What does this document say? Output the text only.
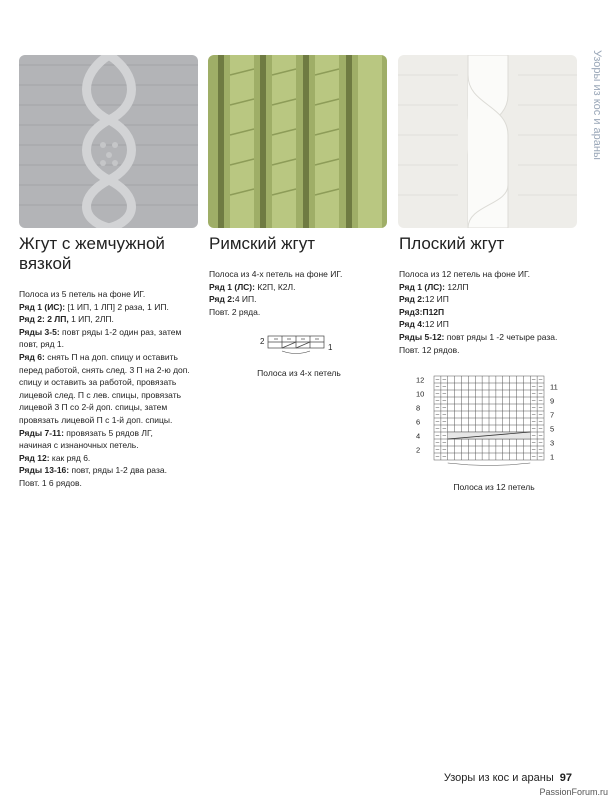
Узоры из кос и араны
Жгут с жемчужной вязкой

Полоса из 5 петель на фоне ИГ.

Ряд 1 (ИС): [1 ИП, 1 ЛП] 2 раза, 1 ИП.

Ряд 2: 2 ЛП, 1 ИП, 2ЛП.

Ряды 3-5: повт ряды 1-2 один раз, затем

повт, ряд 1.

Ряд 6: снять П на доп. спицу и оставить

перед работой, снять след. 3 П на 2-ю доп.

спицу и оставить за работой, провязать

лицевой след. П с лев. спицы, провязать

лицевой 3 П со 2-й доп. спицы, затем

провязать лицевой П с 1-й доп. спицы.

Ряды 7-11: провязать 5 рядов ЛГ,

начиная с изнаночных петель.

Ряд 12: как ряд 6.

Ряды 13-16: повт, ряды 1-2 два раза.

Повт. 1 6 рядов.

Римский жгут

Полоса из 4-х петель на фоне ИГ.

Ряд 1 (ЛС): К2П, К2Л.

Ряд 2:4 ИП.

Повт. 2 ряда.

2
1
Полоса из 4-х петель
Плоский жгут

Полоса из 12 петель на фоне ИГ.

Ряд 1 (ЛС): 12ЛП

Ряд 2:12 ИП

Ряд3:П12П

Ряд 4:12 ИП

Ряды 5-12: повт ряды 1 -2 четыре раза.

Повт. 12 рядов.

12
10
8
6
4
2
11
9
7
5
3
1
Полоса из 12 петель
Узоры из кос и араны 97
PassionForum.ru
